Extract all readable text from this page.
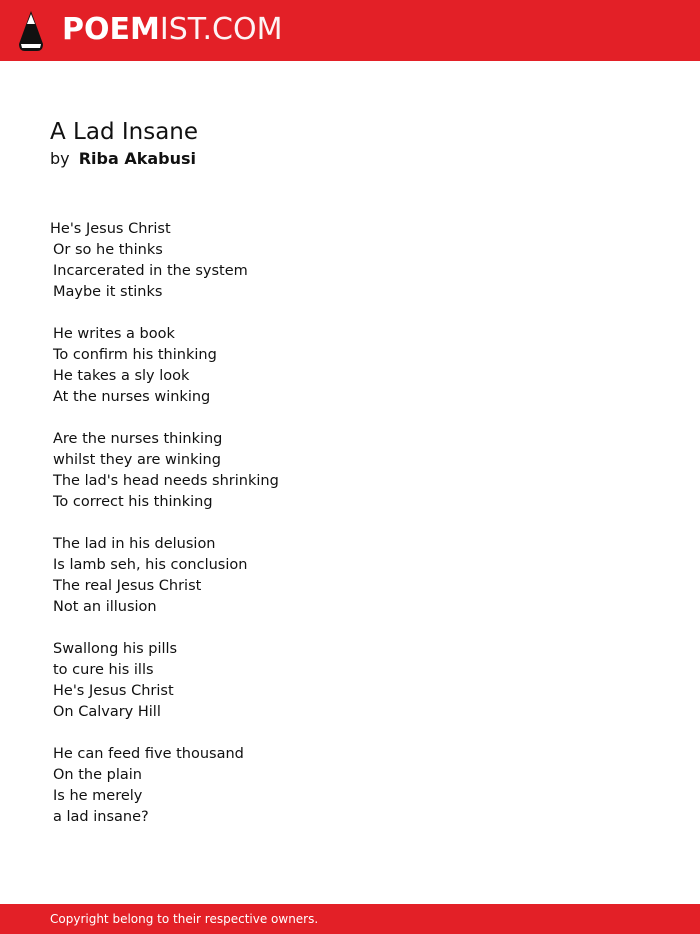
POEMIST.COM
A Lad Insane
by Riba Akabusi
He's Jesus Christ
Or so he thinks
Incarcerated in the system
Maybe it stinks
He writes a book
To confirm his thinking
He takes a sly look
At the nurses winking
Are the nurses thinking
whilst they are winking
The lad's head needs shrinking
To correct his thinking
The lad in his delusion
Is lamb seh, his conclusion
The real Jesus Christ
Not an illusion
Swallong his pills
to cure his ills
He's Jesus Christ
On Calvary Hill
He can feed five thousand
On the plain
Is he merely
a lad insane?
Copyright belong to their respective owners.
